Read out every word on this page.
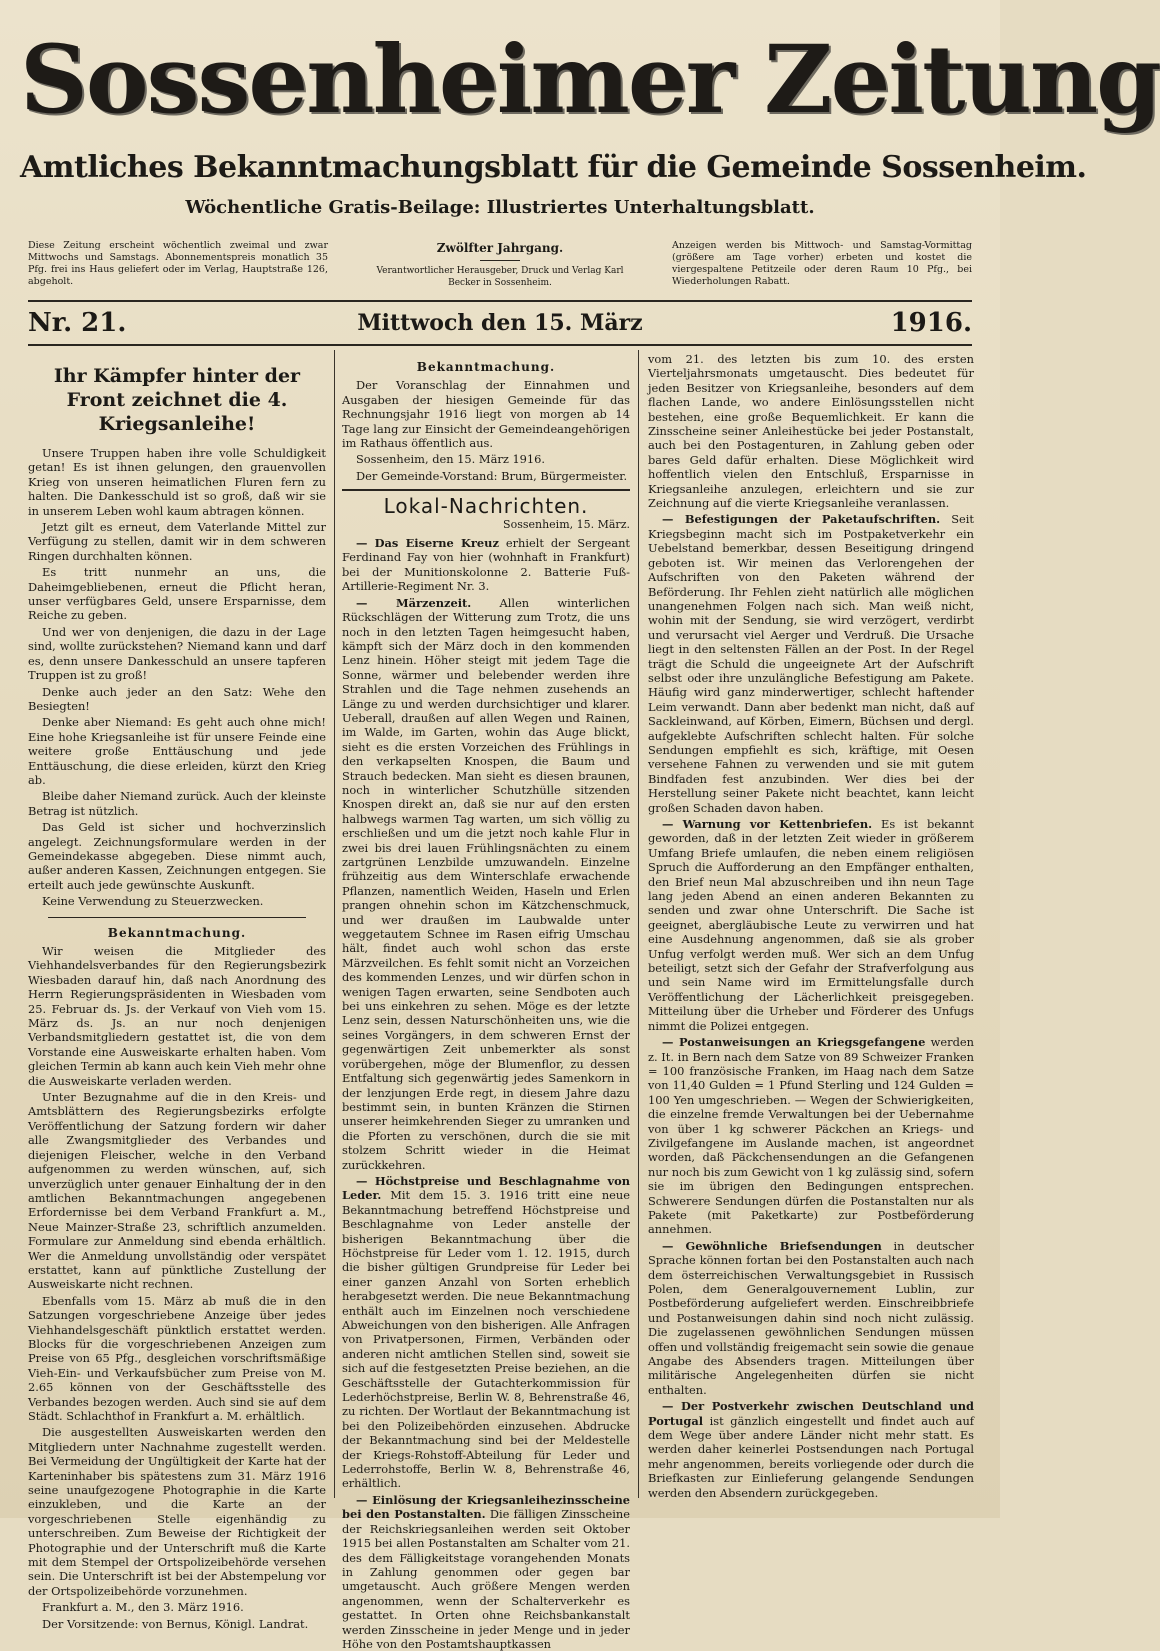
Sossenheimer Zeitung
Amtliches Bekanntmachungsblatt für die Gemeinde Sossenheim.
Wöchentliche Gratis-Beilage: Illustriertes Unterhaltungsblatt.
Diese Zeitung erscheint wöchentlich zweimal und zwar Mittwochs und Samstags. Abonnementspreis monatlich 35 Pfg. frei ins Haus geliefert oder im Verlag, Hauptstraße 126, abgeholt.
Zwölfter Jahrgang.
Verantwortlicher Herausgeber, Druck und Verlag Karl Becker in Sossenheim.
Anzeigen werden bis Mittwoch- und Samstag-Vormittag (größere am Tage vorher) erbeten und kostet die viergespaltene Petitzeile oder deren Raum 10 Pfg., bei Wiederholungen Rabatt.
Nr. 21.	Mittwoch den 15. März	1916.
Ihr Kämpfer hinter der Front zeichnet die 4. Kriegsanleihe!

Unsere Truppen haben ihre volle Schuldigkeit getan! Es ist ihnen gelungen, den grauenvollen Krieg von unseren heimatlichen Fluren fern zu halten. Die Dankesschuld ist so groß, daß wir sie in unserem Leben wohl kaum abtragen können.

Jetzt gilt es erneut, dem Vaterlande Mittel zur Verfügung zu stellen, damit wir in dem schweren Ringen durchhalten können.

Es tritt nunmehr an uns, die Daheimgebliebenen, erneut die Pflicht heran, unser verfügbares Geld, unsere Ersparnisse, dem Reiche zu geben.

Und wer von denjenigen, die dazu in der Lage sind, wollte zurückstehen? Niemand kann und darf es, denn unsere Dankesschuld an unsere tapferen Truppen ist zu groß!

Denke auch jeder an den Satz: Wehe den Besiegten!

Denke aber Niemand: Es geht auch ohne mich! Eine hohe Kriegsanleihe ist für unsere Feinde eine weitere große Enttäuschung und jede Enttäuschung, die diese erleiden, kürzt den Krieg ab.

Bleibe daher Niemand zurück. Auch der kleinste Betrag ist nützlich.

Das Geld ist sicher und hochverzinslich angelegt. Zeichnungsformulare werden in der Gemeindekasse abgegeben. Diese nimmt auch, außer anderen Kassen, Zeichnungen entgegen. Sie erteilt auch jede gewünschte Auskunft.

Keine Verwendung zu Steuerzwecken.

Bekanntmachung.

Wir weisen die Mitglieder des Viehhandelsverbandes für den Regierungsbezirk Wiesbaden darauf hin, daß nach Anordnung des Herrn Regierungspräsidenten in Wiesbaden vom 25. Februar ds. Js. der Verkauf von Vieh vom 15. März ds. Js. an nur noch denjenigen Verbandsmitgliedern gestattet ist, die von dem Vorstande eine Ausweiskarte erhalten haben. Vom gleichen Termin ab kann auch kein Vieh mehr ohne die Ausweiskarte verladen werden.

Unter Bezugnahme auf die in den Kreis- und Amtsblättern des Regierungsbezirks erfolgte Veröffentlichung der Satzung fordern wir daher alle Zwangsmitglieder des Verbandes und diejenigen Fleischer, welche in den Verband aufgenommen zu werden wünschen, auf, sich unverzüglich unter genauer Einhaltung der in den amtlichen Bekanntmachungen angegebenen Erfordernisse bei dem Verband Frankfurt a. M., Neue Mainzer-Straße 23, schriftlich anzumelden. Formulare zur Anmeldung sind ebenda erhältlich. Wer die Anmeldung unvollständig oder verspätet erstattet, kann auf pünktliche Zustellung der Ausweiskarte nicht rechnen.

Ebenfalls vom 15. März ab muß die in den Satzungen vorgeschriebene Anzeige über jedes Viehhandelsgeschäft pünktlich erstattet werden. Blocks für die vorgeschriebenen Anzeigen zum Preise von 65 Pfg., desgleichen vorschriftsmäßige Vieh-Ein- und Verkaufsbücher zum Preise von M. 2.65 können von der Geschäftsstelle des Verbandes bezogen werden. Auch sind sie auf dem Städt. Schlachthof in Frankfurt a. M. erhältlich.

Die ausgestellten Ausweiskarten werden den Mitgliedern unter Nachnahme zugestellt werden. Bei Vermeidung der Ungültigkeit der Karte hat der Karteninhaber bis spätestens zum 31. März 1916 seine unaufgezogene Photographie in die Karte einzukleben, und die Karte an der vorgeschriebenen Stelle eigenhändig zu unterschreiben. Zum Beweise der Richtigkeit der Photographie und der Unterschrift muß die Karte mit dem Stempel der Ortspolizeibehörde versehen sein. Die Unterschrift ist bei der Abstempelung vor der Ortspolizeibehörde vorzunehmen.

Frankfurt a. M., den 3. März 1916.

Der Vorsitzende: von Bernus, Königl. Landrat.

Bekanntmachung.

Der Voranschlag der Einnahmen und Ausgaben der hiesigen Gemeinde für das Rechnungsjahr 1916 liegt von morgen ab 14 Tage lang zur Einsicht der Gemeindeangehörigen im Rathaus öffentlich aus.

Sossenheim, den 15. März 1916.

Der Gemeinde-Vorstand: Brum, Bürgermeister.

Lokal-Nachrichten.
Sossenheim, 15. März.

— Das Eiserne Kreuz erhielt der Sergeant Ferdinand Fay von hier (wohnhaft in Frankfurt) bei der Munitionskolonne 2. Batterie Fuß-Artillerie-Regiment Nr. 3.

— Märzenzeit. Allen winterlichen Rückschlägen der Witterung zum Trotz, die uns noch in den letzten Tagen heimgesucht haben, kämpft sich der März doch in den kommenden Lenz hinein. Höher steigt mit jedem Tage die Sonne, wärmer und belebender werden ihre Strahlen und die Tage nehmen zusehends an Länge zu und werden durchsichtiger und klarer. Ueberall, draußen auf allen Wegen und Rainen, im Walde, im Garten, wohin das Auge blickt, sieht es die ersten Vorzeichen des Frühlings in den verkapselten Knospen, die Baum und Strauch bedecken. Man sieht es diesen braunen, noch in winterlicher Schutzhülle sitzenden Knospen direkt an, daß sie nur auf den ersten halbwegs warmen Tag warten, um sich völlig zu erschließen und um die jetzt noch kahle Flur in zwei bis drei lauen Frühlingsnächten zu einem zartgrünen Lenzbilde umzuwandeln. Einzelne frühzeitig aus dem Winterschlafe erwachende Pflanzen, namentlich Weiden, Haseln und Erlen prangen ohnehin schon im Kätzchenschmuck, und wer draußen im Laubwalde unter weggetautem Schnee im Rasen eifrig Umschau hält, findet auch wohl schon das erste Märzveilchen. Es fehlt somit nicht an Vorzeichen des kommenden Lenzes, und wir dürfen schon in wenigen Tagen erwarten, seine Sendboten auch bei uns einkehren zu sehen. Möge es der letzte Lenz sein, dessen Naturschönheiten uns, wie die seines Vorgängers, in dem schweren Ernst der gegenwärtigen Zeit unbemerkter als sonst vorübergehen, möge der Blumenflor, zu dessen Entfaltung sich gegenwärtig jedes Samenkorn in der lenzjungen Erde regt, in diesem Jahre dazu bestimmt sein, in bunten Kränzen die Stirnen unserer heimkehrenden Sieger zu umranken und die Pforten zu verschönen, durch die sie mit stolzem Schritt wieder in die Heimat zurückkehren.

— Höchstpreise und Beschlagnahme von Leder. Mit dem 15. 3. 1916 tritt eine neue Bekanntmachung betreffend Höchstpreise und Beschlagnahme von Leder anstelle der bisherigen Bekanntmachung über die Höchstpreise für Leder vom 1. 12. 1915, durch die bisher gültigen Grundpreise für Leder bei einer ganzen Anzahl von Sorten erheblich herabgesetzt werden. Die neue Bekanntmachung enthält auch im Einzelnen noch verschiedene Abweichungen von den bisherigen. Alle Anfragen von Privatpersonen, Firmen, Verbänden oder anderen nicht amtlichen Stellen sind, soweit sie sich auf die festgesetzten Preise beziehen, an die Geschäftsstelle der Gutachterkommission für Lederhöchstpreise, Berlin W. 8, Behrenstraße 46, zu richten. Der Wortlaut der Bekanntmachung ist bei den Polizeibehörden einzusehen. Abdrucke der Bekanntmachung sind bei der Meldestelle der Kriegs-Rohstoff-Abteilung für Leder und Lederrohstoffe, Berlin W. 8, Behrenstraße 46, erhältlich.

— Einlösung der Kriegsanleihezinsscheine bei den Postanstalten. Die fälligen Zinsscheine der Reichskriegsanleihen werden seit Oktober 1915 bei allen Postanstalten am Schalter vom 21. des dem Fälligkeitstage vorangehenden Monats in Zahlung genommen oder gegen bar umgetauscht. Auch größere Mengen werden angenommen, wenn der Schalterverkehr es gestattet. In Orten ohne Reichsbankanstalt werden Zinsscheine in jeder Menge und in jeder Höhe von den Postamtshauptkassen

vom 21. des letzten bis zum 10. des ersten Vierteljahrsmonats umgetauscht. Dies bedeutet für jeden Besitzer von Kriegsanleihe, besonders auf dem flachen Lande, wo andere Einlösungsstellen nicht bestehen, eine große Bequemlichkeit. Er kann die Zinsscheine seiner Anleihestücke bei jeder Postanstalt, auch bei den Postagenturen, in Zahlung geben oder bares Geld dafür erhalten. Diese Möglichkeit wird hoffentlich vielen den Entschluß, Ersparnisse in Kriegsanleihe anzulegen, erleichtern und sie zur Zeichnung auf die vierte Kriegsanleihe veranlassen.

— Befestigungen der Paketaufschriften. Seit Kriegsbeginn macht sich im Postpaketverkehr ein Uebelstand bemerkbar, dessen Beseitigung dringend geboten ist. Wir meinen das Verlorengehen der Aufschriften von den Paketen während der Beförderung. Ihr Fehlen zieht natürlich alle möglichen unangenehmen Folgen nach sich. Man weiß nicht, wohin mit der Sendung, sie wird verzögert, verdirbt und verursacht viel Aerger und Verdruß. Die Ursache liegt in den seltensten Fällen an der Post. In der Regel trägt die Schuld die ungeeignete Art der Aufschrift selbst oder ihre unzulängliche Befestigung am Pakete. Häufig wird ganz minderwertiger, schlecht haftender Leim verwandt. Dann aber bedenkt man nicht, daß auf Sackleinwand, auf Körben, Eimern, Büchsen und dergl. aufgeklebte Aufschriften schlecht halten. Für solche Sendungen empfiehlt es sich, kräftige, mit Oesen versehene Fahnen zu verwenden und sie mit gutem Bindfaden fest anzubinden. Wer dies bei der Herstellung seiner Pakete nicht beachtet, kann leicht großen Schaden davon haben.

— Warnung vor Kettenbriefen. Es ist bekannt geworden, daß in der letzten Zeit wieder in größerem Umfang Briefe umlaufen, die neben einem religiösen Spruch die Aufforderung an den Empfänger enthalten, den Brief neun Mal abzuschreiben und ihn neun Tage lang jeden Abend an einen anderen Bekannten zu senden und zwar ohne Unterschrift. Die Sache ist geeignet, abergläubische Leute zu verwirren und hat eine Ausdehnung angenommen, daß sie als grober Unfug verfolgt werden muß. Wer sich an dem Unfug beteiligt, setzt sich der Gefahr der Strafverfolgung aus und sein Name wird im Ermittelungsfalle durch Veröffentlichung der Lächerlichkeit preisgegeben. Mitteilung über die Urheber und Förderer des Unfugs nimmt die Polizei entgegen.

— Postanweisungen an Kriegsgefangene werden z. It. in Bern nach dem Satze von 89 Schweizer Franken = 100 französische Franken, im Haag nach dem Satze von 11,40 Gulden = 1 Pfund Sterling und 124 Gulden = 100 Yen umgeschrieben. — Wegen der Schwierigkeiten, die einzelne fremde Verwaltungen bei der Uebernahme von über 1 kg schwerer Päckchen an Kriegs- und Zivilgefangene im Auslande machen, ist angeordnet worden, daß Päckchensendungen an die Gefangenen nur noch bis zum Gewicht von 1 kg zulässig sind, sofern sie im übrigen den Bedingungen entsprechen. Schwerere Sendungen dürfen die Postanstalten nur als Pakete (mit Paketkarte) zur Postbeförderung annehmen.

— Gewöhnliche Briefsendungen in deutscher Sprache können fortan bei den Postanstalten auch nach dem österreichischen Verwaltungsgebiet in Russisch Polen, dem Generalgouvernement Lublin, zur Postbeförderung aufgeliefert werden. Einschreibbriefe und Postanweisungen dahin sind noch nicht zulässig. Die zugelassenen gewöhnlichen Sendungen müssen offen und vollständig freigemacht sein sowie die genaue Angabe des Absenders tragen. Mitteilungen über militärische Angelegenheiten dürfen sie nicht enthalten.

— Der Postverkehr zwischen Deutschland und Portugal ist gänzlich eingestellt und findet auch auf dem Wege über andere Länder nicht mehr statt. Es werden daher keinerlei Postsendungen nach Portugal mehr angenommen, bereits vorliegende oder durch die Briefkasten zur Einlieferung gelangende Sendungen werden den Absendern zurückgegeben.
